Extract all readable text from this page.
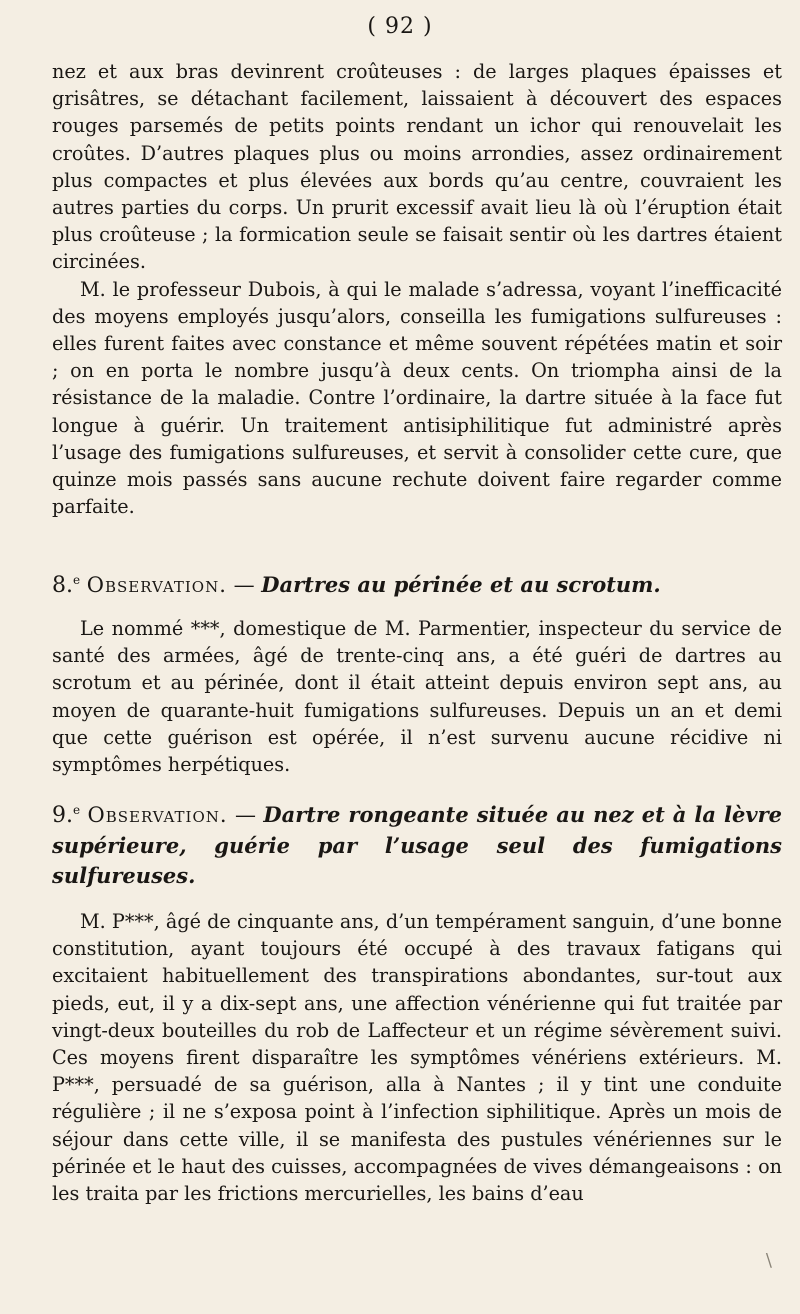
( 92 )

nez et aux bras devinrent croûteuses : de larges plaques épaisses et grisâtres, se détachant facilement, laissaient à découvert des espaces rouges parsemés de petits points rendant un ichor qui renouvelait les croûtes. D’autres plaques plus ou moins arrondies, assez ordinairement plus compactes et plus élevées aux bords qu’au centre, couvraient les autres parties du corps. Un prurit excessif avait lieu là où l’éruption était plus croûteuse ; la formication seule se faisait sentir où les dartres étaient circinées.

M. le professeur Dubois, à qui le malade s’adressa, voyant l’inefficacité des moyens employés jusqu’alors, conseilla les fumigations sulfureuses : elles furent faites avec constance et même souvent répétées matin et soir ; on en porta le nombre jusqu’à deux cents. On triompha ainsi de la résistance de la maladie. Contre l’ordinaire, la dartre située à la face fut longue à guérir. Un traitement antisiphilitique fut administré après l’usage des fumigations sulfureuses, et servit à consolider cette cure, que quinze mois passés sans aucune rechute doivent faire regarder comme parfaite.

8.$^e$ Observation. — Dartres au périnée et au scrotum.

Le nommé ***, domestique de M. Parmentier, inspecteur du service de santé des armées, âgé de trente-cinq ans, a été guéri de dartres au scrotum et au périnée, dont il était atteint depuis environ sept ans, au moyen de quarante-huit fumigations sulfureuses. Depuis un an et demi que cette guérison est opérée, il n’est survenu aucune récidive ni symptômes herpétiques.

9.$^e$ Observation. — Dartre rongeante située au nez et à la lèvre supérieure, guérie par l’usage seul des fumigations sulfureuses.

M. P***, âgé de cinquante ans, d’un tempérament sanguin, d’une bonne constitution, ayant toujours été occupé à des travaux fatigans qui excitaient habituellement des transpirations abondantes, sur-tout aux pieds, eut, il y a dix-sept ans, une affection vénérienne qui fut traitée par vingt-deux bouteilles du rob de Laffecteur et un régime sévèrement suivi. Ces moyens firent disparaître les symptômes vénériens extérieurs. M. P***, persuadé de sa guérison, alla à Nantes ; il y tint une conduite régulière ; il ne s’exposa point à l’infection siphilitique. Après un mois de séjour dans cette ville, il se manifesta des pustules vénériennes sur le périnée et le haut des cuisses, accompagnées de vives démangeaisons : on les traita par les frictions mercurielles, les bains d’eau

\
